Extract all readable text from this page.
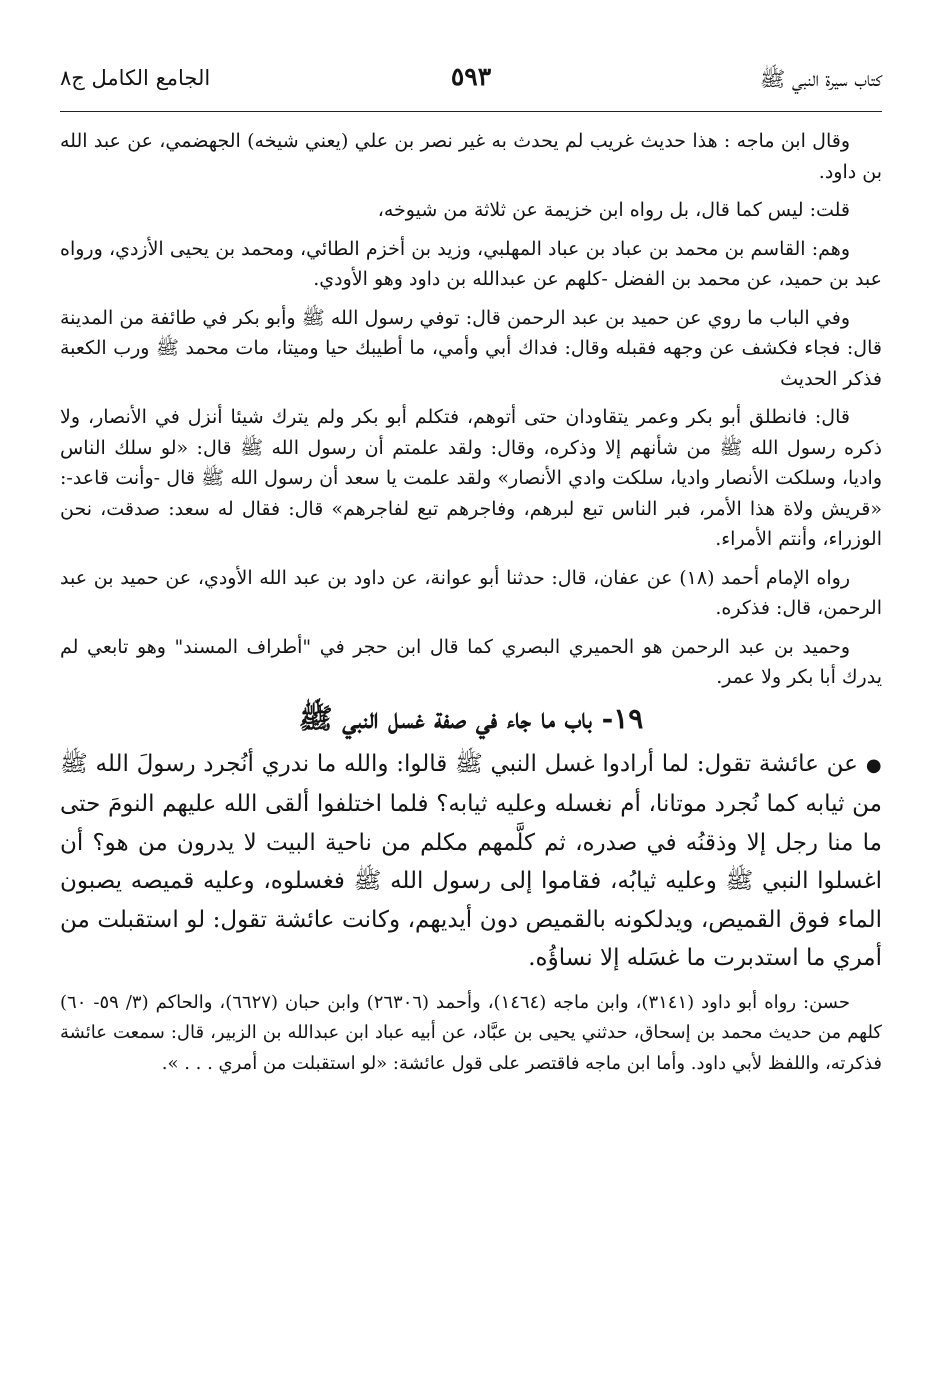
كتاب سيرة النبي ﷺ
٥٩٣
الجامع الكامل ج٨

وقال ابن ماجه : هذا حديث غريب لم يحدث به غير نصر بن علي (يعني شيخه) الجهضمي، عن عبد الله بن داود.

قلت: ليس كما قال، بل رواه ابن خزيمة عن ثلاثة من شيوخه،

وهم: القاسم بن محمد بن عباد بن عباد المهلبي، وزيد بن أخزم الطائي، ومحمد بن يحيى الأزدي، ورواه عبد بن حميد، عن محمد بن الفضل -كلهم عن عبدالله بن داود وهو الأودي.

وفي الباب ما روي عن حميد بن عبد الرحمن قال: توفي رسول الله ﷺ وأبو بكر في طائفة من المدينة قال: فجاء فكشف عن وجهه فقبله وقال: فداك أبي وأمي، ما أطيبك حيا وميتا، مات محمد ﷺ ورب الكعبة فذكر الحديث

قال: فانطلق أبو بكر وعمر يتقاودان حتى أتوهم، فتكلم أبو بكر ولم يترك شيئا أنزل في الأنصار، ولا ذكره رسول الله ﷺ من شأنهم إلا وذكره، وقال: ولقد علمتم أن رسول الله ﷺ قال: «لو سلك الناس واديا، وسلكت الأنصار واديا، سلكت وادي الأنصار» ولقد علمت يا سعد أن رسول الله ﷺ قال -وأنت قاعد-: «قريش ولاة هذا الأمر، فبر الناس تبع لبرهم، وفاجرهم تبع لفاجرهم» قال: فقال له سعد: صدقت، نحن الوزراء، وأنتم الأمراء.

رواه الإمام أحمد (١٨) عن عفان، قال: حدثنا أبو عوانة، عن داود بن عبد الله الأودي، عن حميد بن عبد الرحمن، قال: فذكره.

وحميد بن عبد الرحمن هو الحميري البصري كما قال ابن حجر في "أطراف المسند" وهو تابعي لم يدرك أبا بكر ولا عمر.

١٩- باب ما جاء في صفة غسل النبي ﷺ

●عن عائشة تقول: لما أرادوا غسل النبي ﷺ قالوا: والله ما ندري أنُجرد رسولَ الله ﷺ من ثيابه كما نُجرد موتانا، أم نغسله وعليه ثيابه؟ فلما اختلفوا ألقى الله عليهم النومَ حتى ما منا رجل إلا وذقنُه في صدره، ثم كلَّمهم مكلم من ناحية البيت لا يدرون من هو؟ أن اغسلوا النبي ﷺ وعليه ثيابُه، فقاموا إلى رسول الله ﷺ فغسلوه، وعليه قميصه يصبون الماء فوق القميص، ويدلكونه بالقميص دون أيديهم، وكانت عائشة تقول: لو استقبلت من أمري ما استدبرت ما غسَله إلا نساؤُه.

حسن: رواه أبو داود (٣١٤١)، وابن ماجه (١٤٦٤)، وأحمد (٢٦٣٠٦) وابن حبان (٦٦٢٧)، والحاكم (٣/ ٥٩- ٦٠) كلهم من حديث محمد بن إسحاق، حدثني يحيى بن عبَّاد، عن أبيه عباد ابن عبدالله بن الزبير، قال: سمعت عائشة فذكرته، واللفظ لأبي داود. وأما ابن ماجه فاقتصر على قول عائشة: «لو استقبلت من أمري . . . ».
